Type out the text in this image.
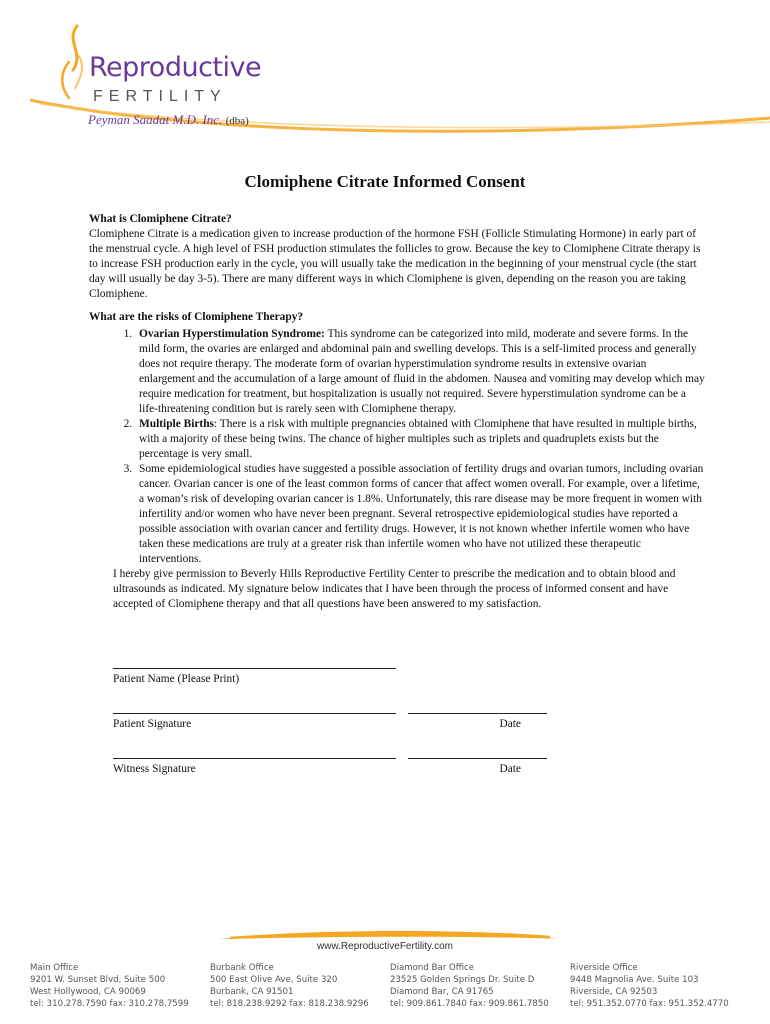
Reproductive
FERTILITY
Peyman Saadat M.D. Inc. (dba)
Clomiphene Citrate Informed Consent

What is Clomiphene Citrate?

Clomiphene Citrate is a medication given to increase production of the hormone FSH (Follicle Stimulating Hormone) in early part of the menstrual cycle. A high level of FSH production stimulates the follicles to grow. Because the key to Clomiphene Citrate therapy is to increase FSH production early in the cycle, you will usually take the medication in the beginning of your menstrual cycle (the start day will usually be day 3-5). There are many different ways in which Clomiphene is given, depending on the reason you are taking Clomiphene.

What are the risks of Clomiphene Therapy?

1. Ovarian Hyperstimulation Syndrome: This syndrome can be categorized into mild, moderate and severe forms. In the mild form, the ovaries are enlarged and abdominal pain and swelling develops. This is a self-limited process and generally does not require therapy. The moderate form of ovarian hyperstimulation syndrome results in extensive ovarian enlargement and the accumulation of a large amount of fluid in the abdomen. Nausea and vomiting may develop which may require medication for treatment, but hospitalization is usually not required. Severe hyperstimulation syndrome can be a life-threatening condition but is rarely seen with Clomiphene therapy.
2. Multiple Births: There is a risk with multiple pregnancies obtained with Clomiphene that have resulted in multiple births, with a majority of these being twins. The chance of higher multiples such as triplets and quadruplets exists but the percentage is very small.
3. Some epidemiological studies have suggested a possible association of fertility drugs and ovarian tumors, including ovarian cancer. Ovarian cancer is one of the least common forms of cancer that affect women overall. For example, over a lifetime, a woman’s risk of developing ovarian cancer is 1.8%. Unfortunately, this rare disease may be more frequent in women with infertility and/or women who have never been pregnant. Several retrospective epidemiological studies have reported a possible association with ovarian cancer and fertility drugs. However, it is not known whether infertile women who have taken these medications are truly at a greater risk than infertile women who have not utilized these therapeutic interventions.

I hereby give permission to Beverly Hills Reproductive Fertility Center to prescribe the medication and to obtain blood and ultrasounds as indicated. My signature below indicates that I have been through the process of informed consent and have accepted of Clomiphene therapy and that all questions have been answered to my satisfaction.

Patient Name (Please Print)
Patient Signature	Date
Witness Signature	Date
www.ReproductiveFertility.com
Main Office
9201 W. Sunset Blvd, Suite 500
West Hollywood, CA 90069
tel: 310.278.7590 fax: 310.278.7599
Burbank Office
500 East Olive Ave, Suite 320
Burbank, CA 91501
tel: 818.238.9292 fax: 818.238.9296
Diamond Bar Office
23525 Golden Springs Dr. Suite D
Diamond Bar, CA 91765
tel: 909.861.7840 fax: 909.861.7850
Riverside Office
9448 Magnolia Ave. Suite 103
Riverside, CA 92503
tel: 951.352.0770 fax: 951.352.4770
